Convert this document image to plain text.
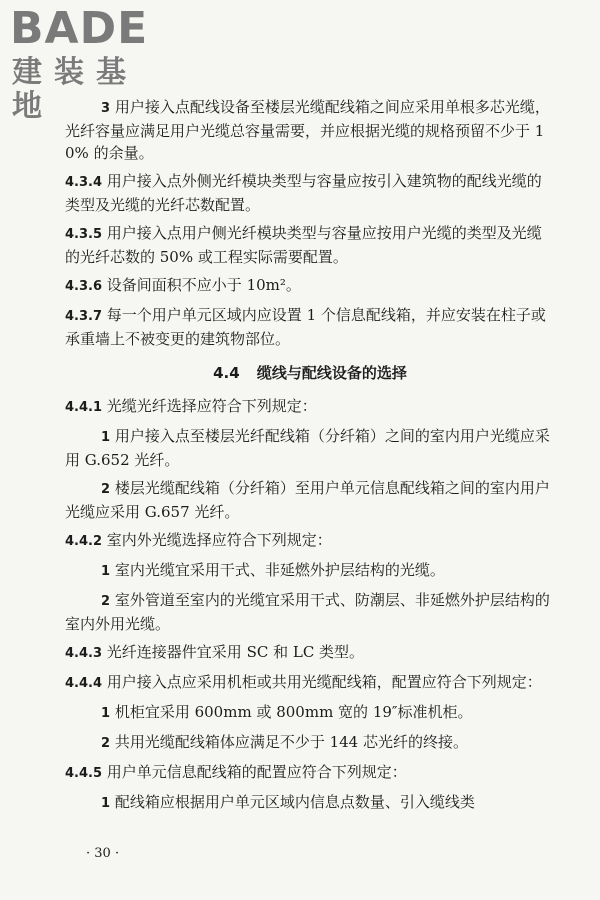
BADE
建装基地	3 用户接入点配线设备至楼层光缆配线箱之间应采用单根多芯光缆，光纤容量应满足用户光缆总容量需要，并应根据光缆的规格预留不少于 10% 的余量。

4.3.4 用户接入点外侧光纤模块类型与容量应按引入建筑物的配线光缆的类型及光缆的光纤芯数配置。

4.3.5 用户接入点用户侧光纤模块类型与容量应按用户光缆的类型及光缆的光纤芯数的 50% 或工程实际需要配置。

4.3.6 设备间面积不应小于 10m²。

4.3.7 每一个用户单元区域内应设置 1 个信息配线箱，并应安装在柱子或承重墙上不被变更的建筑物部位。

4.4 缆线与配线设备的选择

4.4.1 光缆光纤选择应符合下列规定：

1 用户接入点至楼层光纤配线箱（分纤箱）之间的室内用户光缆应采用 G.652 光纤。

2 楼层光缆配线箱（分纤箱）至用户单元信息配线箱之间的室内用户光缆应采用 G.657 光纤。

4.4.2 室内外光缆选择应符合下列规定：

1 室内光缆宜采用干式、非延燃外护层结构的光缆。

2 室外管道至室内的光缆宜采用干式、防潮层、非延燃外护层结构的室内外用光缆。

4.4.3 光纤连接器件宜采用 SC 和 LC 类型。

4.4.4 用户接入点应采用机柜或共用光缆配线箱，配置应符合下列规定：

1 机柜宜采用 600mm 或 800mm 宽的 19″标准机柜。

2 共用光缆配线箱体应满足不少于 144 芯光纤的终接。

4.4.5 用户单元信息配线箱的配置应符合下列规定：

1 配线箱应根据用户单元区域内信息点数量、引入缆线类

· 30 ·
